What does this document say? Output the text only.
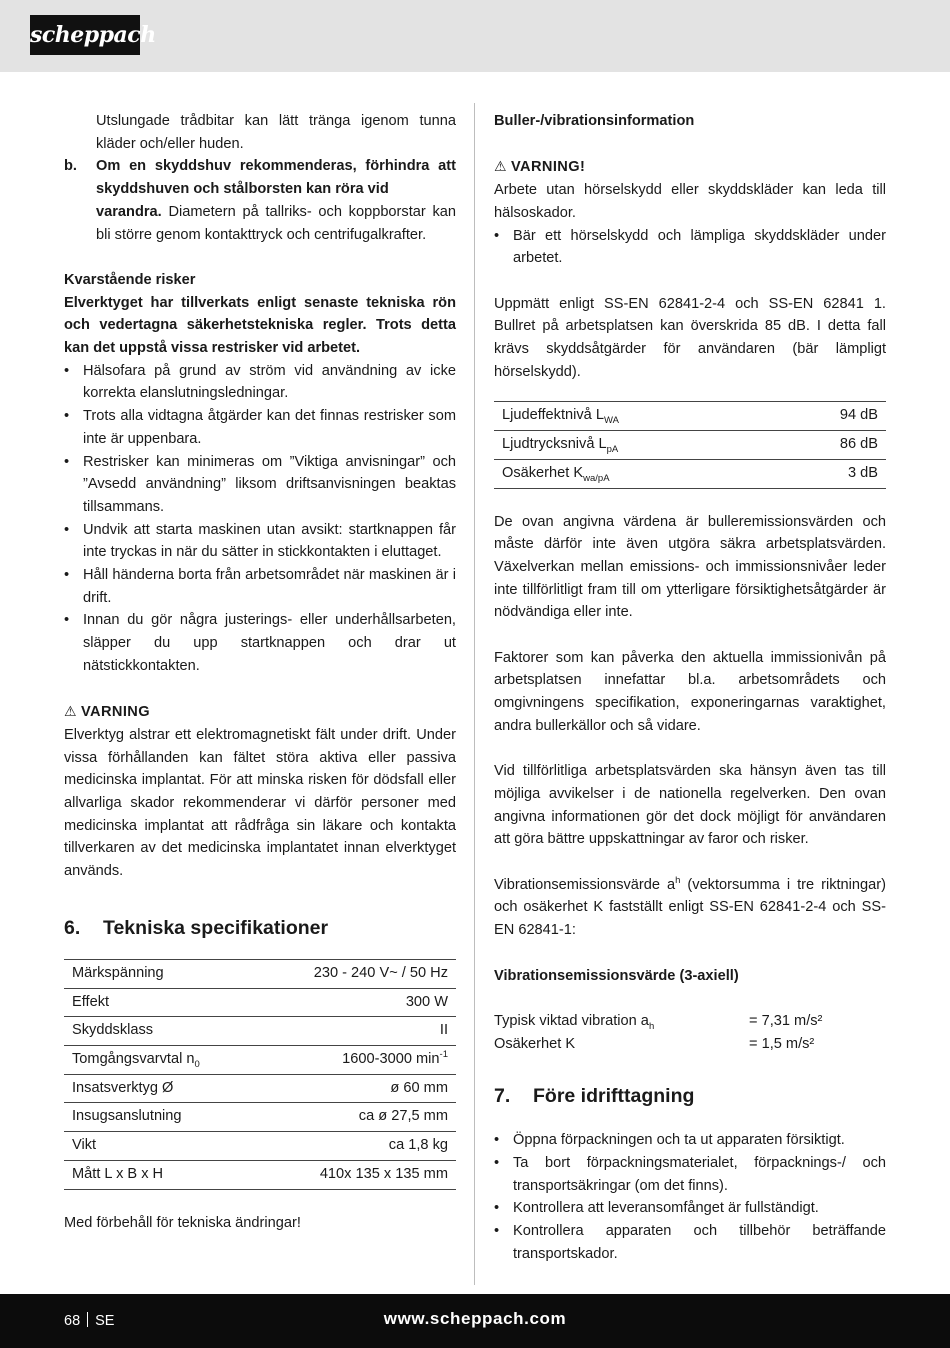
scheppach

Utslungade trådbitar kan lätt tränga igenom tunna kläder och/eller huden.

b.	Om en skyddshuv rekommenderas, förhindra att skyddshuven och stålborsten kan röra vid

varandra. Diametern på tallriks- och koppborstar kan bli större genom kontakttryck och centrifugalkrafter.

Kvarstående risker

Elverktyget har tillverkats enligt senaste tekniska rön och vedertagna säkerhetstekniska regler. Trots detta kan det uppstå vissa restrisker vid arbetet.

• Hälsofara på grund av ström vid användning av icke korrekta elanslutningsledningar.
• Trots alla vidtagna åtgärder kan det finnas restrisker som inte är uppenbara.
• Restrisker kan minimeras om ”Viktiga anvisningar” och ”Avsedd användning” liksom driftsanvisningen beaktas tillsammans.
• Undvik att starta maskinen utan avsikt: startknappen får inte tryckas in när du sätter in stickkontakten i eluttaget.
• Håll händerna borta från arbetsområdet när maskinen är i drift.
• Innan du gör några justerings- eller underhållsarbeten, släpper du upp startknappen och drar ut nätstickkontakten.

⚠ VARNING

Elverktyg alstrar ett elektromagnetiskt fält under drift. Under vissa förhållanden kan fältet störa aktiva eller passiva medicinska implantat. För att minska risken för dödsfall eller allvarliga skador rekommenderar vi därför personer med medicinska implantat att rådfråga sin läkare och kontakta tillverkaren av det medicinska implantatet innan elverktyget används.

6.	Tekniska specifikationer
Märkspänning	230 - 240 V~ / 50 Hz
Effekt	300 W
Skyddsklass	II
Tomgångsvarvtal $n_0$	1600-3000 $\min^{-1}$
Insatsverktyg Ø	ø 60 mm
Insugsanslutning	ca ø 27,5 mm
Vikt	ca 1,8 kg
Mått L x B x H	410x 135 x 135 mm

Med förbehåll för tekniska ändringar!

Buller-/vibrationsinformation

⚠ VARNING!

Arbete utan hörselskydd eller skyddskläder kan leda till hälsoskador.

• Bär ett hörselskydd och lämpliga skyddskläder under arbetet.

Uppmätt enligt SS-EN 62841-2-4 och SS-EN 62841 1. Bullret på arbetsplatsen kan överskrida 85 dB. I detta fall krävs skyddsåtgärder för användaren (bär lämpligt hörselskydd).

Ljudeffektnivå $L_{WA}$	94 dB
Ljudtrycksnivå $L_{pA}$	86 dB
Osäkerhet $K_{wa/pA}$	3 dB

De ovan angivna värdena är bulleremissionsvärden och måste därför inte även utgöra säkra arbetsplatsvärden. Växelverkan mellan emissions- och immissionsnivåer leder inte tillförlitligt fram till om ytterligare försiktighetsåtgärder är nödvändiga eller inte.

Faktorer som kan påverka den aktuella immissionivån på arbetsplatsen innefattar bl.a. arbetsområdets och omgivningens specifikation, exponeringarnas varaktighet, andra bullerkällor och så vidare.

Vid tillförlitliga arbetsplatsvärden ska hänsyn även tas till möjliga avvikelser i de nationella regelverken. Den ovan angivna informationen gör det dock möjligt för användaren att göra bättre uppskattningar av faror och risker.

Vibrationsemissionsvärde $a^h$ (vektorsumma i tre riktningar) och osäkerhet K fastställt enligt SS-EN 62841-2-4 och SS-EN 62841-1:

Vibrationsemissionsvärde (3-axiell)

Typisk viktad vibration $a_h$	= 7,31 m/s²
Osäkerhet K	= 1,5 m/s²
7.	Före idrifttagning
• Öppna förpackningen och ta ut apparaten försiktigt.
• Ta bort förpackningsmaterialet, förpacknings-/ och transportsäkringar (om det finns).
• Kontrollera att leveransomfånget är fullständigt.
• Kontrollera apparaten och tillbehör beträffande transportskador.
68 SE	www.scheppach.com
